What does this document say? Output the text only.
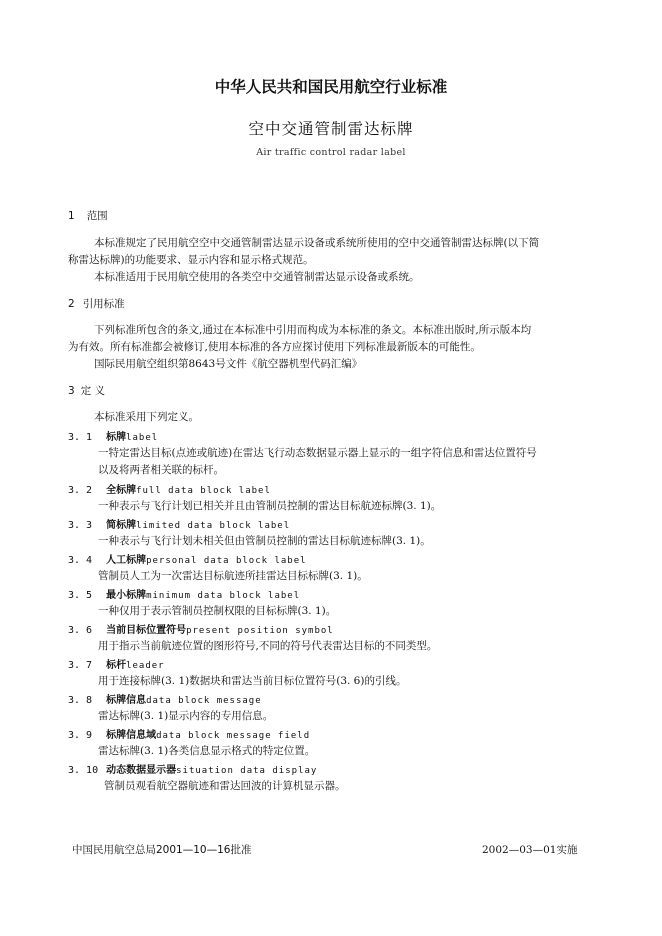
中华人民共和国民用航空行业标准
空中交通管制雷达标牌
Air traffic control radar label
1 范围
本标准规定了民用航空空中交通管制雷达显示设备或系统所使用的空中交通管制雷达标牌(以下简
称雷达标牌)的功能要求、显示内容和显示格式规范。
本标准适用于民用航空使用的各类空中交通管制雷达显示设备或系统。
2 引用标准
下列标准所包含的条文,通过在本标准中引用而构成为本标准的条文。本标准出版时,所示版本均
为有效。所有标准都会被修订,使用本标准的各方应探讨使用下列标准最新版本的可能性。
国际民用航空组织第8643号文件《航空器机型代码汇编》
3 定 义
本标准采用下列定义。
3. 1 标牌label
一特定雷达目标(点迹或航迹)在雷达飞行动态数据显示器上显示的一组字符信息和雷达位置符号
以及将两者相关联的标杆。
3. 2 全标牌full data block label
一种表示与飞行计划已相关并且由管制员控制的雷达目标航迹标牌(3. 1)。
3. 3 简标牌limited data block label
一种表示与飞行计划未相关但由管制员控制的雷达目标航迹标牌(3. 1)。
3. 4 人工标牌personal data block label
管制员人工为一次雷达目标航迹所挂雷达目标标牌(3. 1)。
3. 5 最小标牌minimum data block label
一种仅用于表示管制员控制权限的目标标牌(3. 1)。
3. 6 当前目标位置符号present position symbol
用于指示当前航迹位置的图形符号,不同的符号代表雷达目标的不同类型。
3. 7 标杆leader
用于连接标牌(3. 1)数据块和雷达当前目标位置符号(3. 6)的引线。
3. 8 标牌信息data block message
雷达标牌(3. 1)显示内容的专用信息。
3. 9 标牌信息域data block message field
雷达标牌(3. 1)各类信息显示格式的特定位置。
3. 10 动态数据显示器situation data display
管制员观看航空器航迹和雷达回波的计算机显示器。
中国民用航空总局2001—10—16批准	2002—03—01实施
